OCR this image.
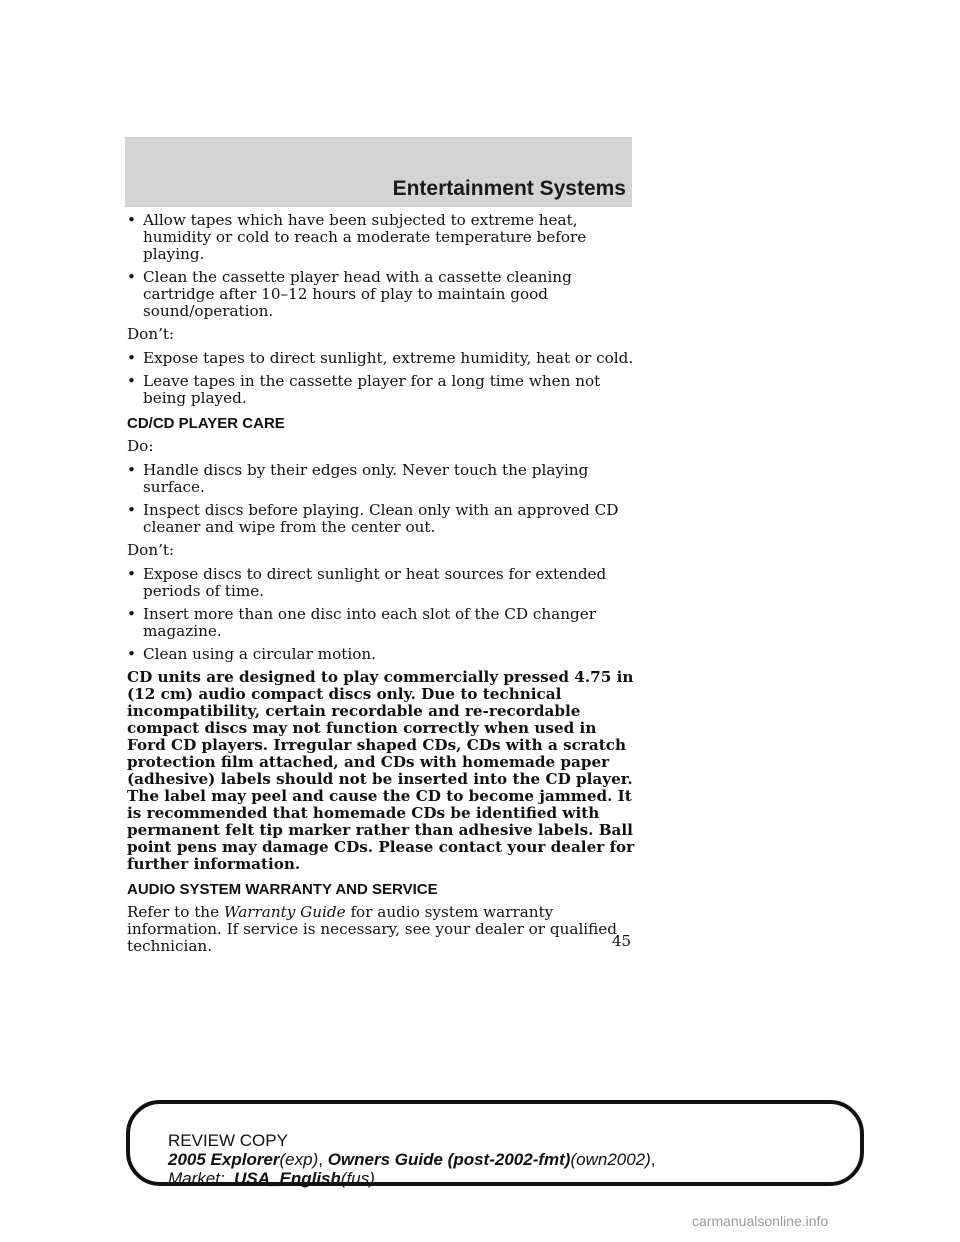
Entertainment Systems
• Allow tapes which have been subjected to extreme heat, humidity or cold to reach a moderate temperature before playing.
• Clean the cassette player head with a cassette cleaning cartridge after 10–12 hours of play to maintain good sound/operation.
Don’t:
• Expose tapes to direct sunlight, extreme humidity, heat or cold.
• Leave tapes in the cassette player for a long time when not being played.
CD/CD PLAYER CARE
Do:
• Handle discs by their edges only. Never touch the playing surface.
• Inspect discs before playing. Clean only with an approved CD cleaner and wipe from the center out.
Don’t:
• Expose discs to direct sunlight or heat sources for extended periods of time.
• Insert more than one disc into each slot of the CD changer magazine.
• Clean using a circular motion.
CD units are designed to play commercially pressed 4.75 in (12 cm) audio compact discs only. Due to technical incompatibility, certain recordable and re-recordable compact discs may not function correctly when used in Ford CD players. Irregular shaped CDs, CDs with a scratch protection film attached, and CDs with homemade paper (adhesive) labels should not be inserted into the CD player. The label may peel and cause the CD to become jammed. It is recommended that homemade CDs be identified with permanent felt tip marker rather than adhesive labels. Ball point pens may damage CDs. Please contact your dealer for further information.
AUDIO SYSTEM WARRANTY AND SERVICE
Refer to the Warranty Guide for audio system warranty information. If service is necessary, see your dealer or qualified technician.	45
REVIEW COPY
2005 Explorer(exp), Owners Guide (post-2002-fmt)(own2002),
Market: USA_English(fus)
carmanualsonline.info
